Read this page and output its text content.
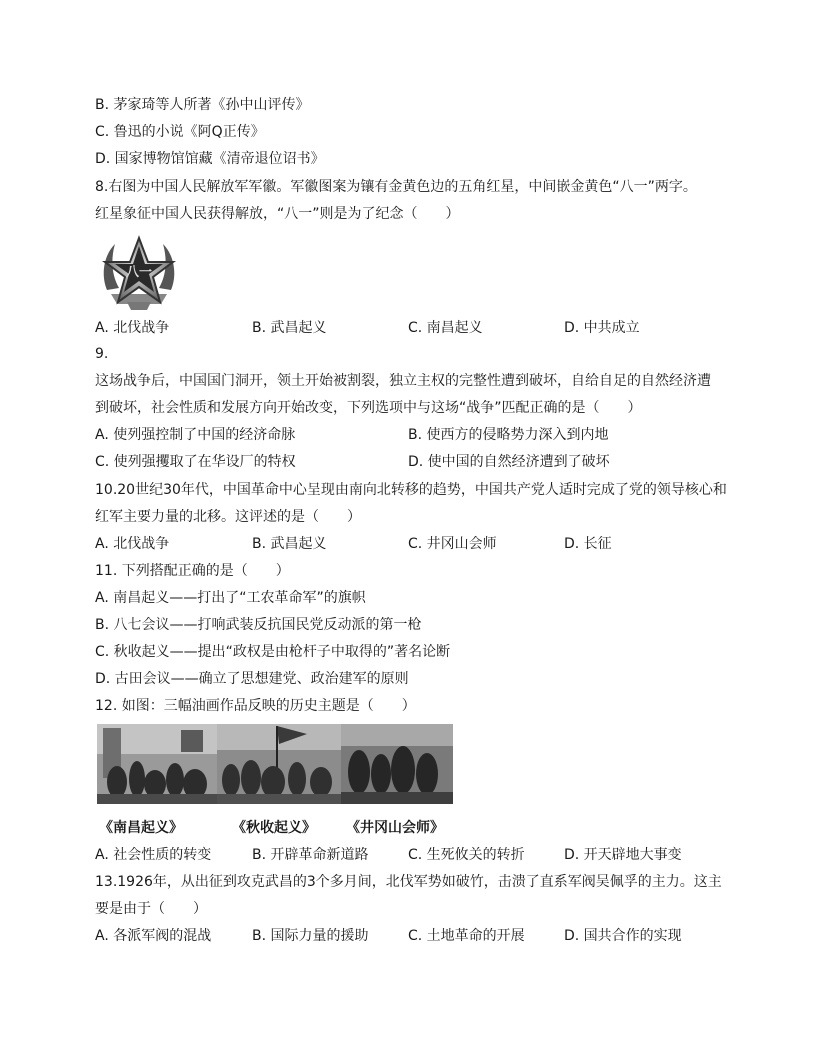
B. 茅家琦等人所著《孙中山评传》
C. 鲁迅的小说《阿Q正传》
D. 国家博物馆馆藏《清帝退位诏书》
8.右图为中国人民解放军军徽。军徽图案为镶有金黄色边的五角红星，中间嵌金黄色“八一”两字。
红星象征中国人民获得解放，“八一”则是为了纪念（　　）
八一
A. 北伐战争	B. 武昌起义	C. 南昌起义	D. 中共成立
9.
这场战争后，中国国门洞开，领土开始被割裂，独立主权的完整性遭到破坏，自给自足的自然经济遭
到破坏，社会性质和发展方向开始改变，下列选项中与这场“战争”匹配正确的是（　　）
A. 使列强控制了中国的经济命脉	B. 使西方的侵略势力深入到内地
C. 使列强攫取了在华设厂的特权	D. 使中国的自然经济遭到了破坏
10.20世纪30年代，中国革命中心呈现由南向北转移的趋势，中国共产党人适时完成了党的领导核心和
红军主要力量的北移。这评述的是（　　）
A. 北伐战争	B. 武昌起义	C. 井冈山会师	D. 长征
11. 下列搭配正确的是（　　）
A. 南昌起义——打出了“工农革命军”的旗帜
B. 八七会议——打响武装反抗国民党反动派的第一枪
C. 秋收起义——提出“政权是由枪杆子中取得的”著名论断
D. 古田会议——确立了思想建党、政治建军的原则
12. 如图：三幅油画作品反映的历史主题是（　　）
《南昌起义》	《秋收起义》 《井冈山会师》
A. 社会性质的转变	B. 开辟革命新道路	C. 生死攸关的转折	D. 开天辟地大事变
13.1926年，从出征到攻克武昌的3个多月间，北伐军势如破竹，击溃了直系军阀吴佩孚的主力。这主
要是由于（　　）
A. 各派军阀的混战	B. 国际力量的援助	C. 土地革命的开展	D. 国共合作的实现
